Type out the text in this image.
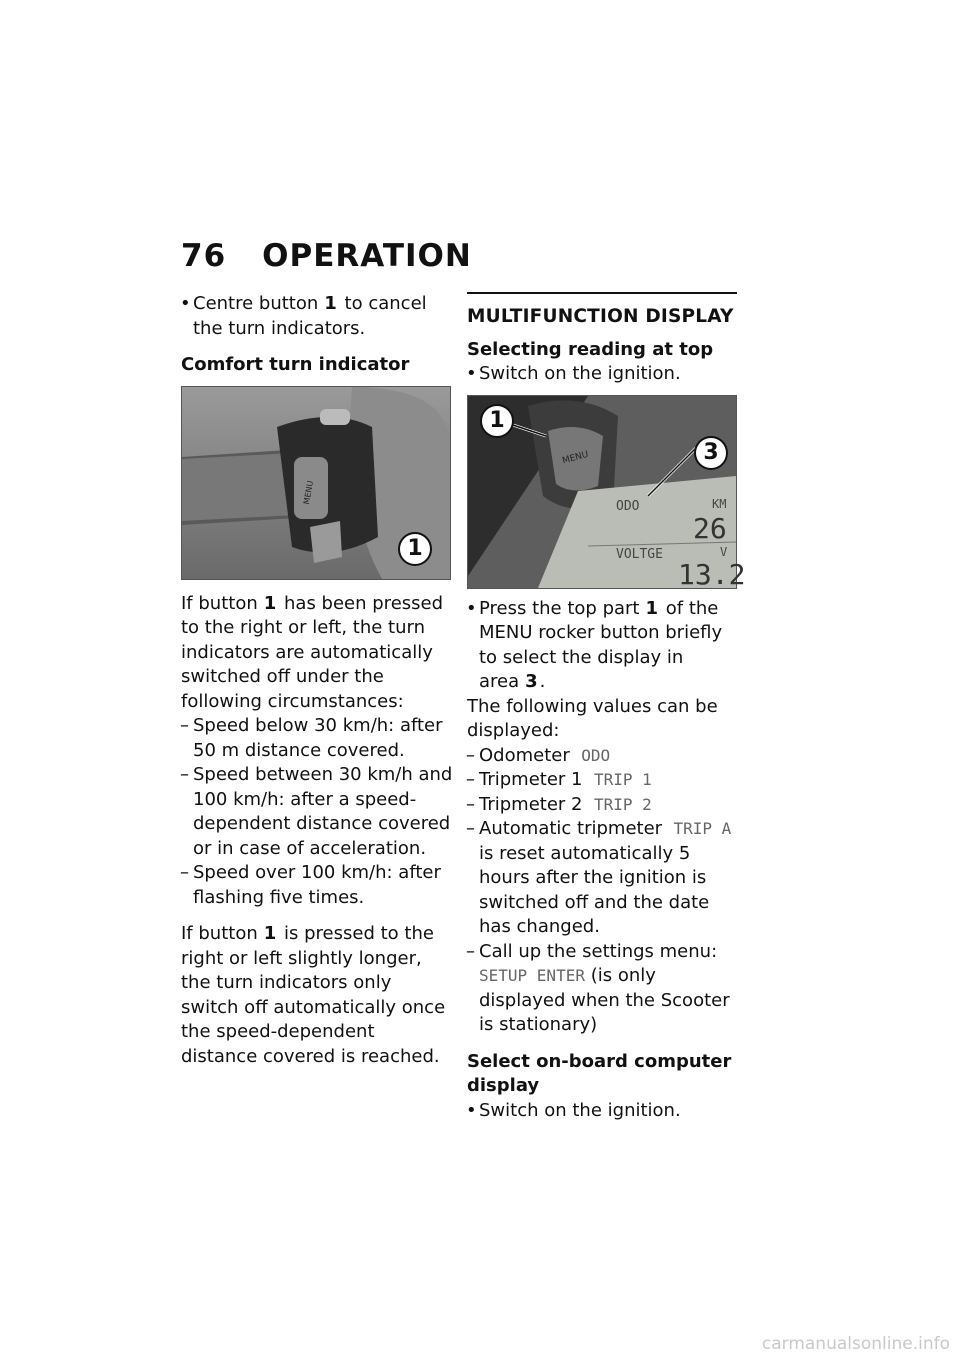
76 OPERATION

• Centre button 1 to cancel the turn indicators.

Comfort turn indicator

MENU
1

If button 1 has been pressed to the right or left, the turn indicators are automatically switched off under the following circumstances:

– Speed below 30 km/h: after 50 m distance covered.

– Speed between 30 km/h and 100 km/h: after a speed-dependent distance covered or in case of acceleration.

– Speed over 100 km/h: after flashing five times.

If button 1 is pressed to the right or left slightly longer, the turn indicators only switch off automatically once the speed-dependent distance covered is reached.

MULTIFUNCTION DISPLAY

Selecting reading at top

• Switch on the ignition.

MENU
ODO	KM
26
VOLTGE	V
13.2
1
3

• Press the top part 1 of the MENU rocker button briefly to select the display in area 3 .

The following values can be displayed:

– Odometer ODO

– Tripmeter 1 TRIP 1

– Tripmeter 2 TRIP 2

– Automatic tripmeter TRIP A is reset automatically 5 hours after the ignition is switched off and the date has changed.

– Call up the settings menu: SETUP ENTER (is only displayed when the Scooter is stationary)

Select on-board computer display

• Switch on the ignition.

carmanualsonline.info
